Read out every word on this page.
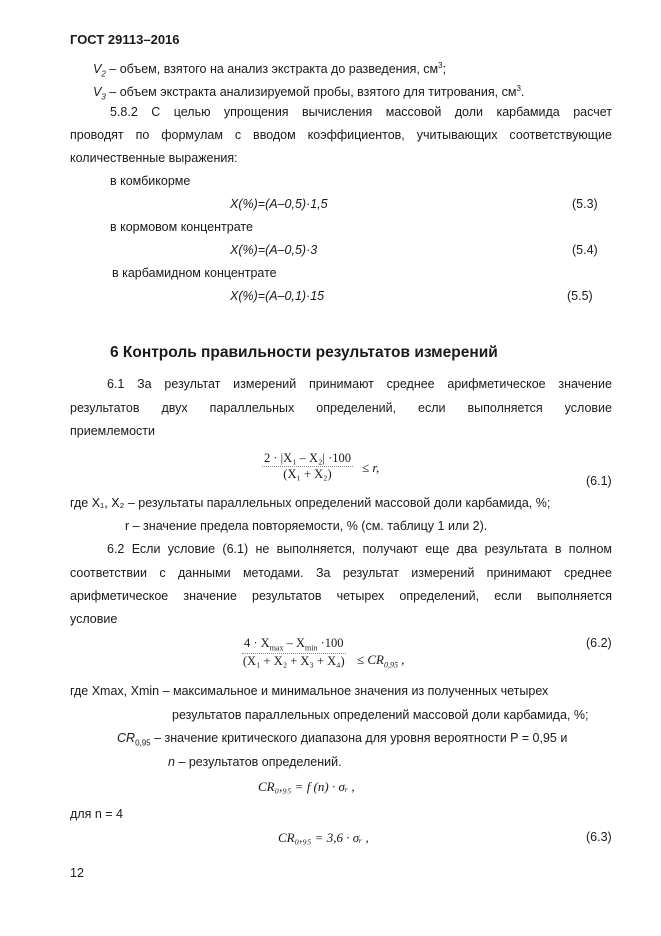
ГОСТ 29113–2016
$V_2$ – объем, взятого на анализ экстракта до разведения, $см^3$;
$V_3$ – объем экстракта анализируемой пробы, взятого для титрования, $см^3$.
5.8.2 С целью упрощения вычисления массовой доли карбамида расчет
проводят по формулам с вводом коэффициентов, учитывающих соответствующие
количественные выражения:
в комбикорме
X(%)=(A–0,5)·1,5	(5.3)
в кормовом концентрате
X(%)=(A–0,5)·3	(5.4)
в карбамидном концентрате
X(%)=(A–0,1)·15	(5.5)
6 Контроль правильности результатов измерений
6.1 За результат измерений принимают среднее арифметическое значение
результатов двух параллельных определений, если выполняется условие
приемлемости
$\frac{\text{2 · |X₁ – X₂| ·100}}{\text{(X₁ + X₂)}} \le r$,
(6.1)
где X₁, X₂ – результаты параллельных определений массовой доли карбамида, %;
r – значение предела повторяемости, % (см. таблицу 1 или 2).
6.2 Если условие (6.1) не выполняется, получают еще два результата в полном
соответствии с данными методами. За результат измерений принимают среднее
арифметическое значение результатов четырех определений, если выполняется
условие
$4 \cdot X_{max} - X_{min} \cdot 100$
$(X_1 + X_2 + X_3 + X_4) \le CR_{0,95}$ ,
(6.2)
где Xmax, Xmin – максимальное и минимальное значения из полученных четырех
результатов параллельных определений массовой доли карбамида, %;
$CR_{0,95}$ – значение критического диапазона для уровня вероятности P = 0,95 и
n – результатов определений.
CR₀,₉₅ = f (n) · σᵣ ,
для n = 4
CR₀,₉₅ = 3,6 · σᵣ ,	(6.3)
12
